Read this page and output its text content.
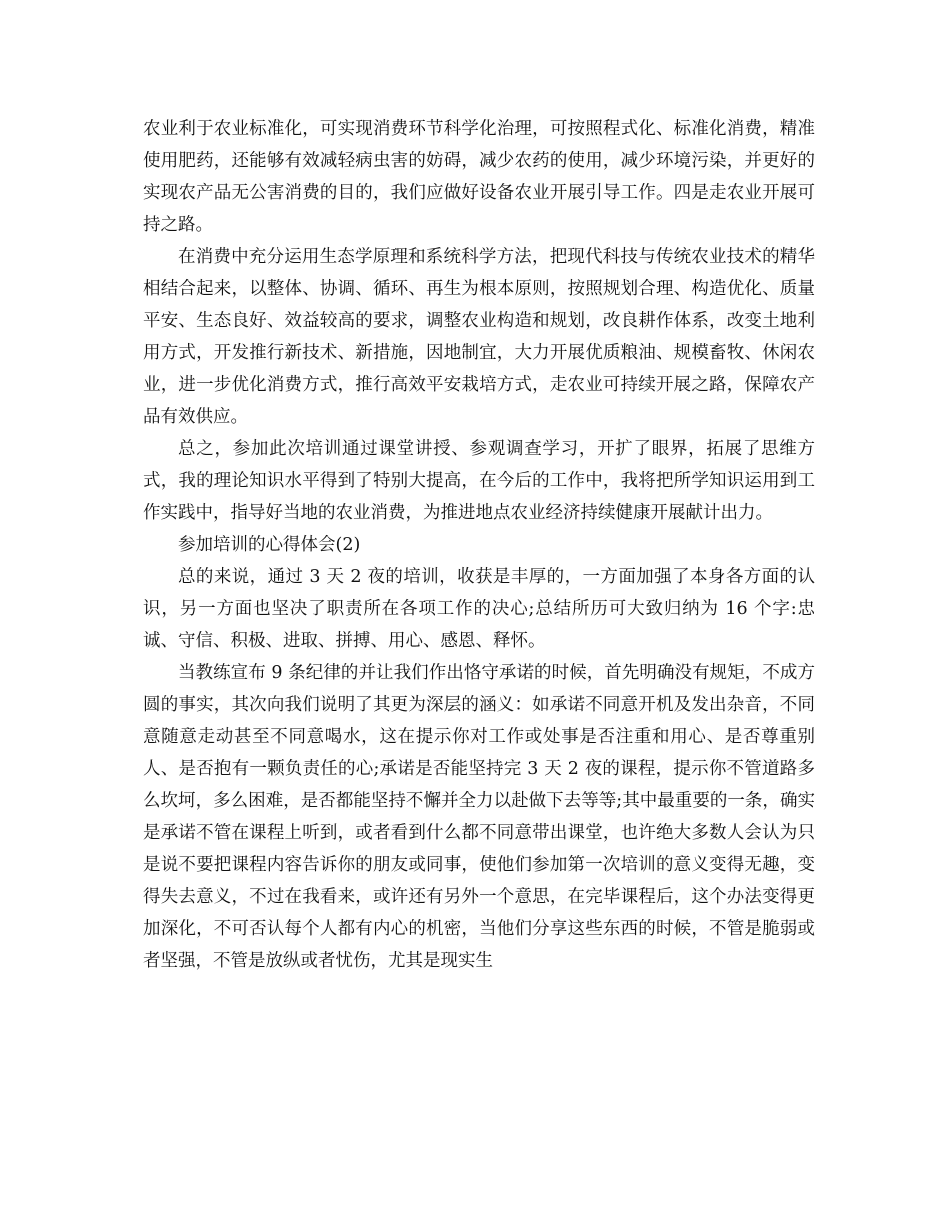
农业利于农业标准化，可实现消费环节科学化治理，可按照程式化、标准化消费，精准使用肥药，还能够有效减轻病虫害的妨碍，减少农药的使用，减少环境污染，并更好的实现农产品无公害消费的目的，我们应做好设备农业开展引导工作。四是走农业开展可持之路。

在消费中充分运用生态学原理和系统科学方法，把现代科技与传统农业技术的精华相结合起来，以整体、协调、循环、再生为根本原则，按照规划合理、构造优化、质量平安、生态良好、效益较高的要求，调整农业构造和规划，改良耕作体系，改变土地利用方式，开发推行新技术、新措施，因地制宜，大力开展优质粮油、规模畜牧、休闲农业，进一步优化消费方式，推行高效平安栽培方式，走农业可持续开展之路，保障农产品有效供应。

总之，参加此次培训通过课堂讲授、参观调查学习，开扩了眼界，拓展了思维方式，我的理论知识水平得到了特别大提高，在今后的工作中，我将把所学知识运用到工作实践中，指导好当地的农业消费，为推进地点农业经济持续健康开展献计出力。

参加培训的心得体会(2)

总的来说，通过 3 天 2 夜的培训，收获是丰厚的，一方面加强了本身各方面的认识，另一方面也坚决了职责所在各项工作的决心;总结所历可大致归纳为 16 个字:忠诚、守信、积极、进取、拼搏、用心、感恩、释怀。

当教练宣布 9 条纪律的并让我们作出恪守承诺的时候，首先明确没有规矩，不成方圆的事实，其次向我们说明了其更为深层的涵义：如承诺不同意开机及发出杂音，不同意随意走动甚至不同意喝水，这在提示你对工作或处事是否注重和用心、是否尊重别人、是否抱有一颗负责任的心;承诺是否能坚持完 3 天 2 夜的课程，提示你不管道路多么坎坷，多么困难，是否都能坚持不懈并全力以赴做下去等等;其中最重要的一条，确实是承诺不管在课程上听到，或者看到什么都不同意带出课堂，也许绝大多数人会认为只是说不要把课程内容告诉你的朋友或同事，使他们参加第一次培训的意义变得无趣，变得失去意义，不过在我看来，或许还有另外一个意思，在完毕课程后，这个办法变得更加深化，不可否认每个人都有内心的机密，当他们分享这些东西的时候，不管是脆弱或者坚强，不管是放纵或者忧伤，尤其是现实生
